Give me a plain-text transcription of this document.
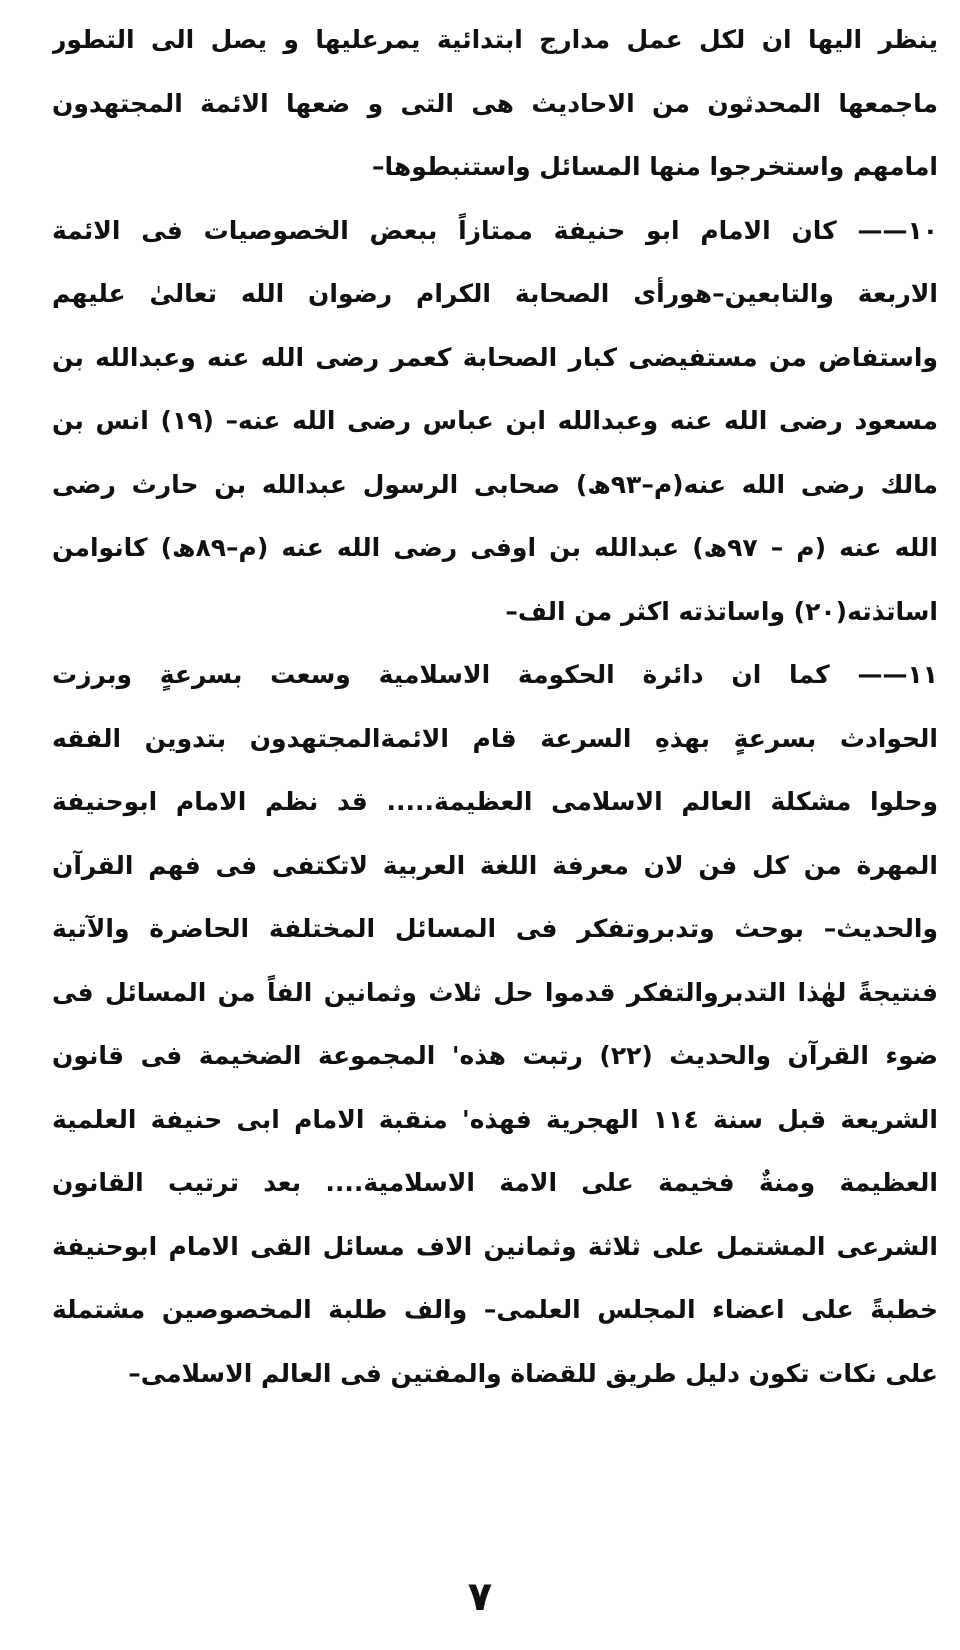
ینظر الیها ان لکل عمل مدارج ابتدائیة یمرعلیها و یصل الی التطور
ماجمعها المحدثون من الاحادیث هی التی و ضعها الائمة المجتهدون
امامهم واستخرجوا منها المسائل واستنبطوها–
١٠—— کان الامام ابو حنیفة ممتازاً ببعض الخصوصیات فی الائمة
الاربعة والتابعین–هورأی الصحابة الکرام رضوان الله تعالیٰ علیهم
واستفاض من مستفیضی کبار الصحابة کعمر رضی الله عنه وعبدالله بن
مسعود رضی الله عنه وعبدالله ابن عباس رضی الله عنه– (١٩) انس بن
مالك رضی الله عنه(م–٩٣ھ) صحابی الرسول عبدالله بن حارث رضی
الله عنه (م – ٩٧ھ) عبدالله بن اوفی رضی الله عنه (م–٨٩ھ) کانوامن
اساتذته(٢٠) واساتذته اکثر من الف–
١١—— کما ان دائرة الحکومة الاسلامیة وسعت بسرعةٍ وبرزت
الحوادث بسرعةٍ بهذهِ السرعة قام الائمةالمجتهدون بتدوین الفقه
وحلوا مشکلة العالم الاسلامی العظیمة..... قد نظم الامام ابوحنیفة
المهرة من کل فن لان معرفة اللغة العربیة لاتکتفی فی فهم القرآن
والحدیث– بوحث وتدبروتفکر فی المسائل المختلفة الحاضرة والآتیة
فنتیجةً لهٰذا التدبروالتفکر قدموا حل ثلاث وثمانین الفاً من المسائل فی
ضوء القرآن والحدیث (٢٢) رتبت هذه' المجموعة الضخیمة فی قانون
الشریعة قبل سنة ١١٤ الهجریة فهذه' منقبة الامام ابی حنیفة العلمیة
العظیمة ومنةٌ فخیمة علی الامة الاسلامیة.... بعد ترتیب القانون
الشرعی المشتمل علی ثلاثة وثمانین الاف مسائل القی الامام ابوحنیفة
خطبةً علی اعضاء المجلس العلمی– والف طلبة المخصوصین مشتملة
علی نکات تکون دلیل طریق للقضاة والمفتین فی العالم الاسلامی–
٧
